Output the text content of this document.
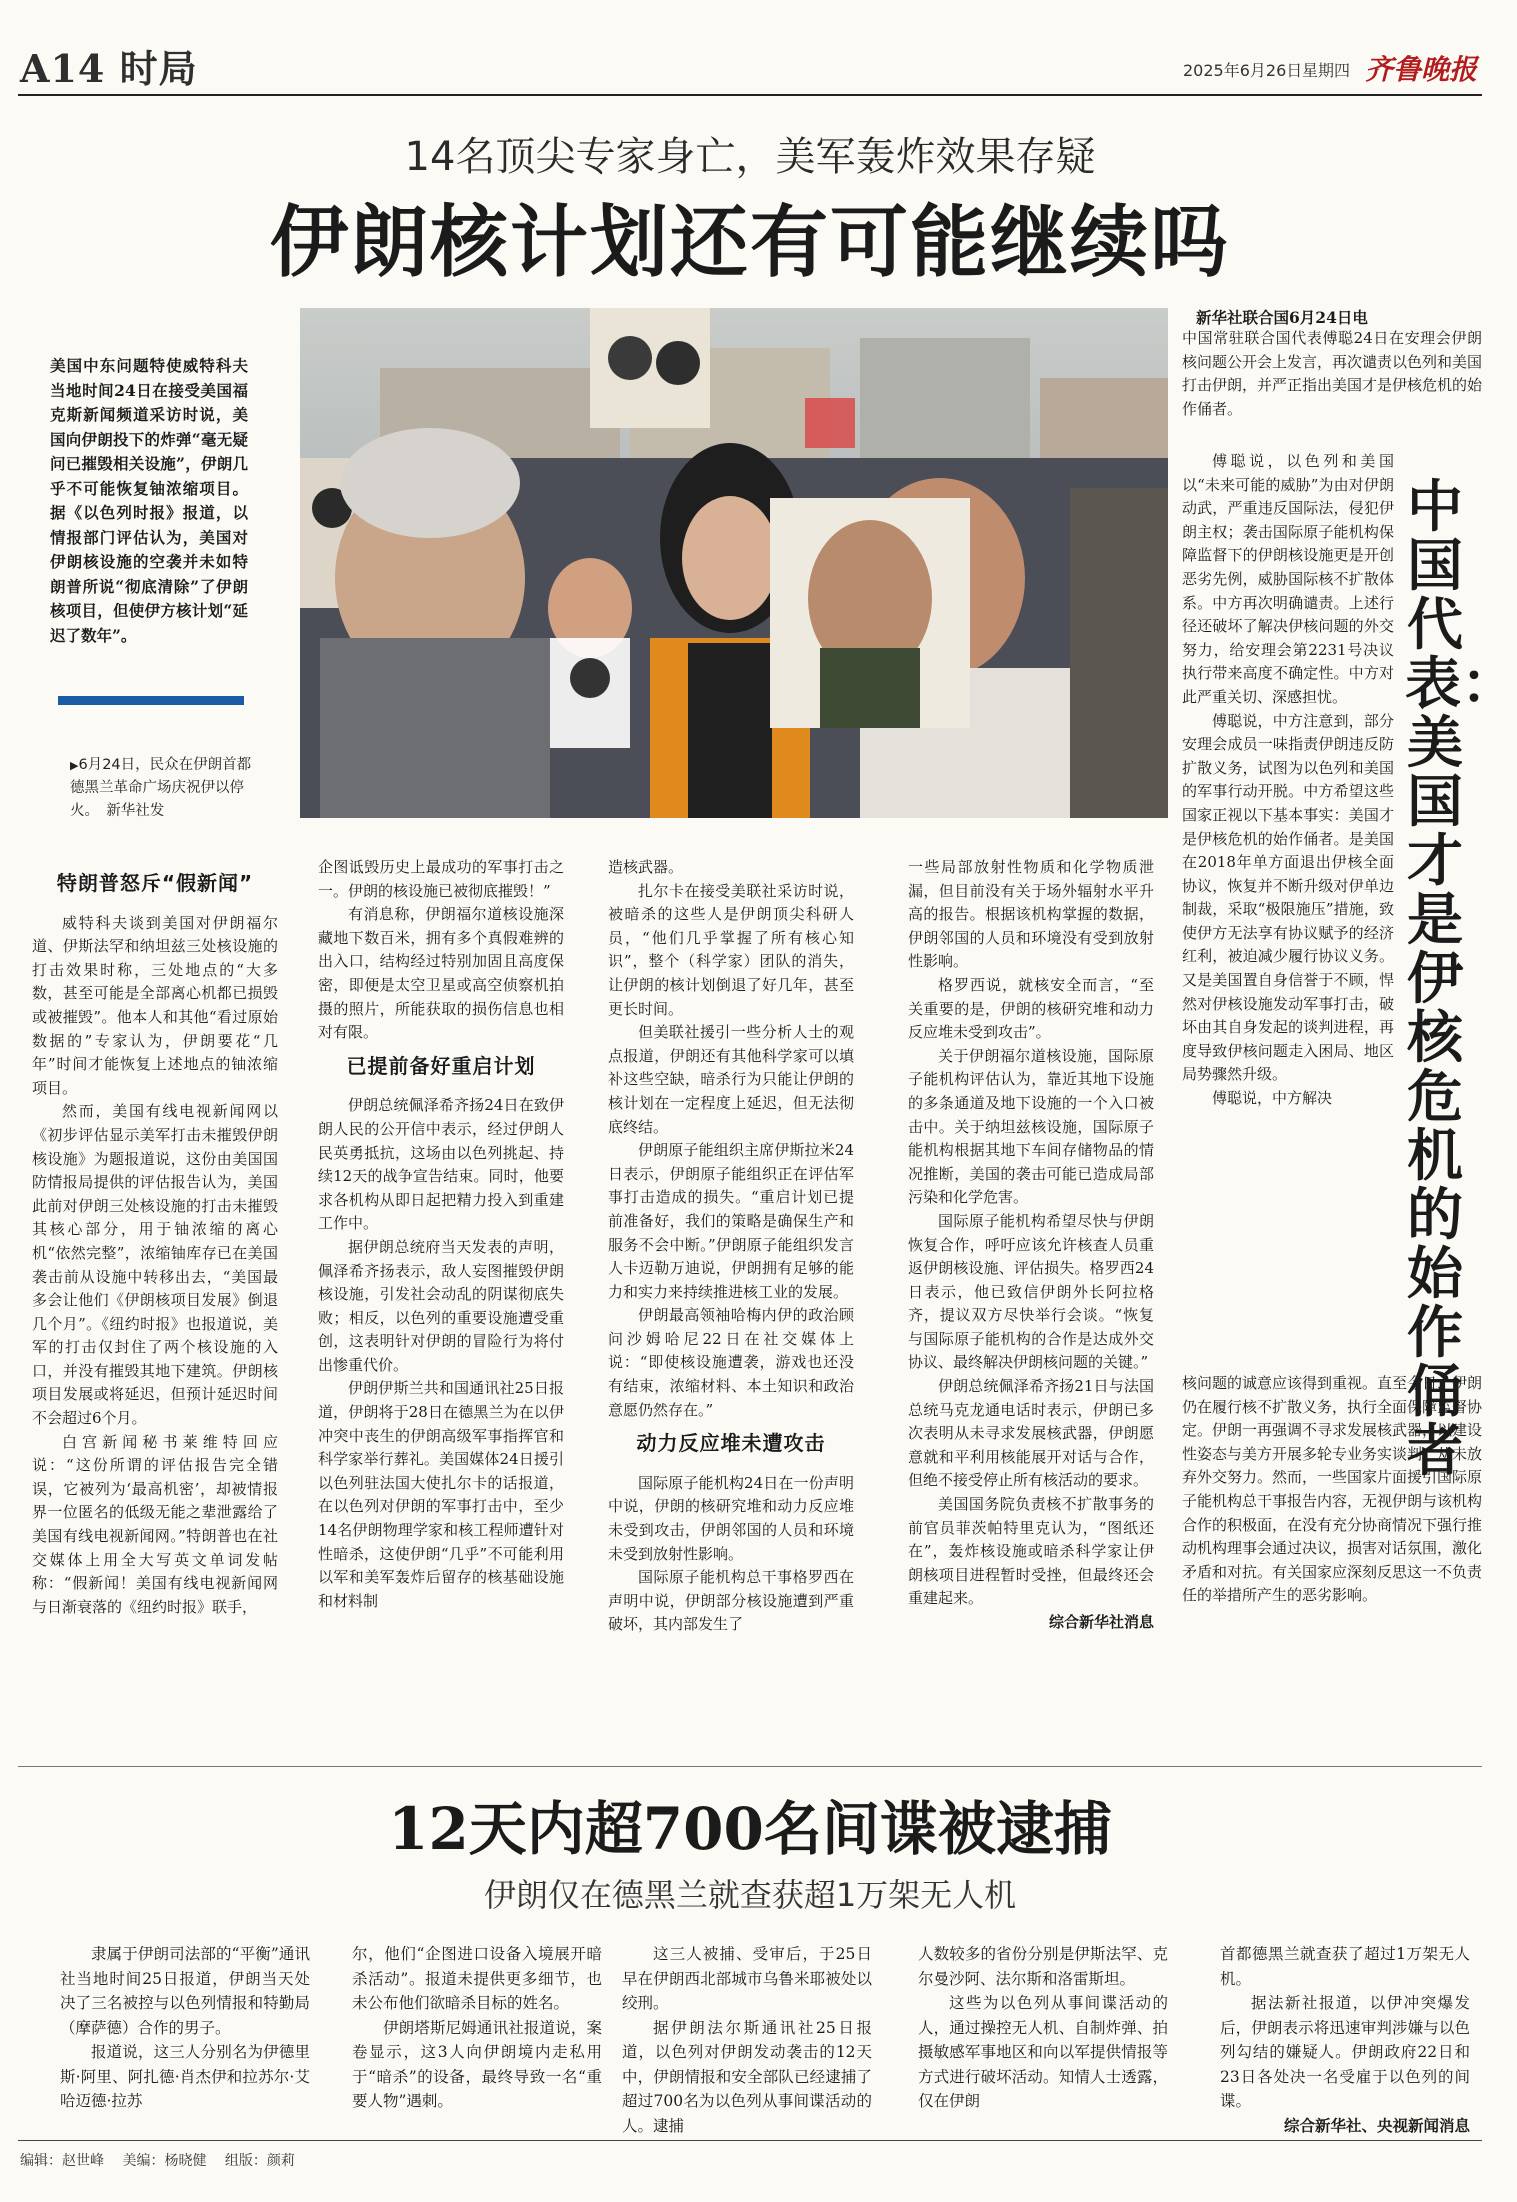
A14 时局	2025年6月26日 星期四 齐鲁晚报
14名顶尖专家身亡，美军轰炸效果存疑
伊朗核计划还有可能继续吗
美国中东问题特使威特科夫当地时间24日在接受美国福克斯新闻频道采访时说，美国向伊朗投下的炸弹“毫无疑问已摧毁相关设施”，伊朗几乎不可能恢复铀浓缩项目。据《以色列时报》报道，以情报部门评估认为，美国对伊朗核设施的空袭并未如特朗普所说“彻底清除”了伊朗核项目，但使伊方核计划“延迟了数年”。
▶6月24日，民众在伊朗首都德黑兰革命广场庆祝伊以停火。　新华社发
新华社联合国6月24日电

中国常驻联合国代表傅聪24日在安理会伊朗核问题公开会上发言，再次谴责以色列和美国打击伊朗，并严正指出美国才是伊核危机的始作俑者。

中国代表：美国才是伊核危机的始作俑者

傅聪说，以色列和美国以“未来可能的威胁”为由对伊朗动武，严重违反国际法，侵犯伊朗主权；袭击国际原子能机构保障监督下的伊朗核设施更是开创恶劣先例，威胁国际核不扩散体系。中方再次明确谴责。上述行径还破坏了解决伊核问题的外交努力，给安理会第2231号决议执行带来高度不确定性。中方对此严重关切、深感担忧。

傅聪说，中方注意到，部分安理会成员一味指责伊朗违反防扩散义务，试图为以色列和美国的军事行动开脱。中方希望这些国家正视以下基本事实：美国才是伊核危机的始作俑者。是美国在2018年单方面退出伊核全面协议，恢复并不断升级对伊单边制裁，采取“极限施压”措施，致使伊方无法享有协议赋予的经济红利，被迫减少履行协议义务。又是美国置自身信誉于不顾，悍然对伊核设施发动军事打击，破坏由其自身发起的谈判进程，再度导致伊核问题走入困局、地区局势骤然升级。

傅聪说，中方解决

核问题的诚意应该得到重视。直至今日，伊朗仍在履行核不扩散义务，执行全面保障监督协定。伊朗一再强调不寻求发展核武器，以建设性姿态与美方开展多轮专业务实谈判，从未放弃外交努力。然而，一些国家片面援引国际原子能机构总干事报告内容，无视伊朗与该机构合作的积极面，在没有充分协商情况下强行推动机构理事会通过决议，损害对话氛围，激化矛盾和对抗。有关国家应深刻反思这一不负责任的举措所产生的恶劣影响。

特朗普怒斥“假新闻”

威特科夫谈到美国对伊朗福尔道、伊斯法罕和纳坦兹三处核设施的打击效果时称，三处地点的“大多数，甚至可能是全部离心机都已损毁或被摧毁”。他本人和其他“看过原始数据的”专家认为，伊朗要花“几年”时间才能恢复上述地点的铀浓缩项目。

然而，美国有线电视新闻网以《初步评估显示美军打击未摧毁伊朗核设施》为题报道说，这份由美国国防情报局提供的评估报告认为，美国此前对伊朗三处核设施的打击未摧毁其核心部分，用于铀浓缩的离心机“依然完整”，浓缩铀库存已在美国袭击前从设施中转移出去，“美国最多会让他们《伊朗核项目发展》倒退几个月”。《纽约时报》也报道说，美军的打击仅封住了两个核设施的入口，并没有摧毁其地下建筑。伊朗核项目发展或将延迟，但预计延迟时间不会超过6个月。

白宫新闻秘书莱维特回应说：“这份所谓的评估报告完全错误，它被列为‘最高机密’，却被情报界一位匿名的低级无能之辈泄露给了美国有线电视新闻网。”特朗普也在社交媒体上用全大写英文单词发帖称：“假新闻！美国有线电视新闻网与日渐衰落的《纽约时报》联手，

企图诋毁历史上最成功的军事打击之一。伊朗的核设施已被彻底摧毁！”

有消息称，伊朗福尔道核设施深藏地下数百米，拥有多个真假难辨的出入口，结构经过特别加固且高度保密，即便是太空卫星或高空侦察机拍摄的照片，所能获取的损伤信息也相对有限。

已提前备好重启计划

伊朗总统佩泽希齐扬24日在致伊朗人民的公开信中表示，经过伊朗人民英勇抵抗，这场由以色列挑起、持续12天的战争宣告结束。同时，他要求各机构从即日起把精力投入到重建工作中。

据伊朗总统府当天发表的声明，佩泽希齐扬表示，敌人妄图摧毁伊朗核设施，引发社会动乱的阴谋彻底失败；相反，以色列的重要设施遭受重创，这表明针对伊朗的冒险行为将付出惨重代价。

伊朗伊斯兰共和国通讯社25日报道，伊朗将于28日在德黑兰为在以伊冲突中丧生的伊朗高级军事指挥官和科学家举行葬礼。美国媒体24日援引以色列驻法国大使扎尔卡的话报道，在以色列对伊朗的军事打击中，至少14名伊朗物理学家和核工程师遭针对性暗杀，这使伊朗“几乎”不可能利用以军和美军轰炸后留存的核基础设施和材料制

造核武器。

扎尔卡在接受美联社采访时说，被暗杀的这些人是伊朗顶尖科研人员，“他们几乎掌握了所有核心知识”，整个（科学家）团队的消失，让伊朗的核计划倒退了好几年，甚至更长时间。

但美联社援引一些分析人士的观点报道，伊朗还有其他科学家可以填补这些空缺，暗杀行为只能让伊朗的核计划在一定程度上延迟，但无法彻底终结。

伊朗原子能组织主席伊斯拉米24日表示，伊朗原子能组织正在评估军事打击造成的损失。“重启计划已提前准备好，我们的策略是确保生产和服务不会中断。”伊朗原子能组织发言人卡迈勒万迪说，伊朗拥有足够的能力和实力来持续推进核工业的发展。

伊朗最高领袖哈梅内伊的政治顾问沙姆哈尼22日在社交媒体上说：“即使核设施遭袭，游戏也还没有结束，浓缩材料、本土知识和政治意愿仍然存在。”

动力反应堆未遭攻击

国际原子能机构24日在一份声明中说，伊朗的核研究堆和动力反应堆未受到攻击，伊朗邻国的人员和环境未受到放射性影响。

国际原子能机构总干事格罗西在声明中说，伊朗部分核设施遭到严重破坏，其内部发生了

一些局部放射性物质和化学物质泄漏，但目前没有关于场外辐射水平升高的报告。根据该机构掌握的数据，伊朗邻国的人员和环境没有受到放射性影响。

格罗西说，就核安全而言，“至关重要的是，伊朗的核研究堆和动力反应堆未受到攻击”。

关于伊朗福尔道核设施，国际原子能机构评估认为，靠近其地下设施的多条通道及地下设施的一个入口被击中。关于纳坦兹核设施，国际原子能机构根据其地下车间存储物品的情况推断，美国的袭击可能已造成局部污染和化学危害。

国际原子能机构希望尽快与伊朗恢复合作，呼吁应该允许核查人员重返伊朗核设施、评估损失。格罗西24日表示，他已致信伊朗外长阿拉格齐，提议双方尽快举行会谈。“恢复与国际原子能机构的合作是达成外交协议、最终解决伊朗核问题的关键。”

伊朗总统佩泽希齐扬21日与法国总统马克龙通电话时表示，伊朗已多次表明从未寻求发展核武器，伊朗愿意就和平利用核能展开对话与合作，但绝不接受停止所有核活动的要求。

美国国务院负责核不扩散事务的前官员菲茨帕特里克认为，“图纸还在”，轰炸核设施或暗杀科学家让伊朗核项目进程暂时受挫，但最终还会重建起来。

综合新华社消息
12天内超700名间谍被逮捕
伊朗仅在德黑兰就查获超1万架无人机

隶属于伊朗司法部的“平衡”通讯社当地时间25日报道，伊朗当天处决了三名被控与以色列情报和特勤局（摩萨德）合作的男子。

报道说，这三人分别名为伊德里斯·阿里、阿扎德·肖杰伊和拉苏尔·艾哈迈德·拉苏

尔，他们“企图进口设备入境展开暗杀活动”。报道未提供更多细节，也未公布他们欲暗杀目标的姓名。

伊朗塔斯尼姆通讯社报道说，案卷显示，这3人向伊朗境内走私用于“暗杀”的设备，最终导致一名“重要人物”遇刺。

这三人被捕、受审后，于25日早在伊朗西北部城市乌鲁米耶被处以绞刑。

据伊朗法尔斯通讯社25日报道，以色列对伊朗发动袭击的12天中，伊朗情报和安全部队已经逮捕了超过700名为以色列从事间谍活动的人。逮捕

人数较多的省份分别是伊斯法罕、克尔曼沙阿、法尔斯和洛雷斯坦。

这些为以色列从事间谍活动的人，通过操控无人机、自制炸弹、拍摄敏感军事地区和向以军提供情报等方式进行破坏活动。知情人士透露，仅在伊朗

首都德黑兰就查获了超过1万架无人机。

据法新社报道，以伊冲突爆发后，伊朗表示将迅速审判涉嫌与以色列勾结的嫌疑人。伊朗政府22日和23日各处决一名受雇于以色列的间谍。

综合新华社、央视新闻消息
编辑：赵世峰 美编：杨晓健 组版：颜莉
